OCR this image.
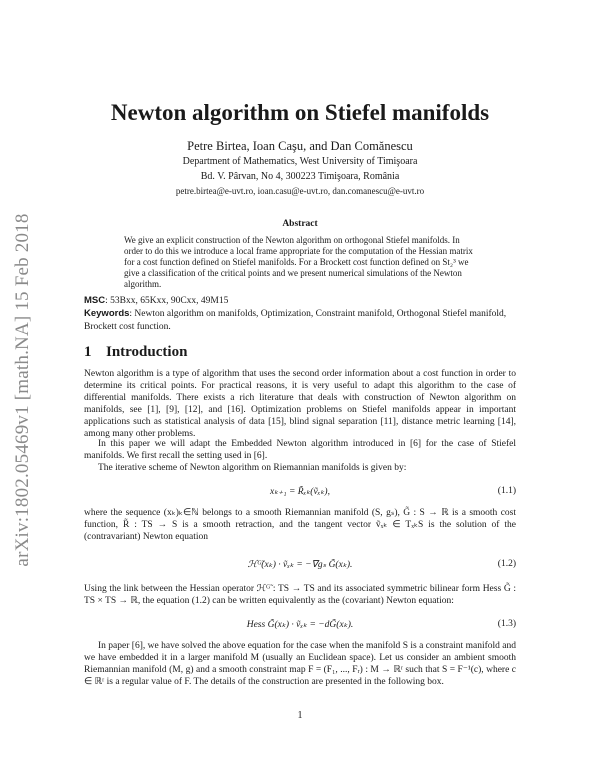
arXiv:1802.05469v1 [math.NA] 15 Feb 2018
Newton algorithm on Stiefel manifolds
Petre Birtea, Ioan Caşu, and Dan Comănescu
Department of Mathematics, West University of Timişoara
Bd. V. Pârvan, No 4, 300223 Timişoara, România
petre.birtea@e-uvt.ro, ioan.casu@e-uvt.ro, dan.comanescu@e-uvt.ro
Abstract
We give an explicit construction of the Newton algorithm on orthogonal Stiefel manifolds. In
order to do this we introduce a local frame appropriate for the computation of the Hessian matrix
for a cost function defined on Stiefel manifolds. For a Brockett cost function defined on St₂³ we
give a classification of the critical points and we present numerical simulations of the Newton
algorithm.
MSC: 53Bxx, 65Kxx, 90Cxx, 49M15
Keywords: Newton algorithm on manifolds, Optimization, Constraint manifold, Orthogonal Stiefel manifold, Brockett cost function.
1 Introduction

Newton algorithm is a type of algorithm that uses the second order information about a cost function in order to determine its critical points. For practical reasons, it is very useful to adapt this algorithm to the case of differential manifolds. There exists a rich literature that deals with construction of Newton algorithm on manifolds, see [1], [9], [12], and [16]. Optimization problems on Stiefel manifolds appear in important applications such as statistical analysis of data [15], blind signal separation [11], distance metric learning [14], among many other problems.

In this paper we will adapt the Embedded Newton algorithm introduced in [6] for the case of Stiefel manifolds. We first recall the setting used in [6].

The iterative scheme of Newton algorithm on Riemannian manifolds is given by:

xₖ₊₁ = R̃ₓₖ(ṽₓₖ),	(1.1)

where the sequence (xₖ)ₖ∈ℕ belongs to a smooth Riemannian manifold (S, gₛ), G̃ : S → ℝ is a smooth cost function, R̃ : TS → S is a smooth retraction, and the tangent vector ṽₓₖ ∈ TₓₖS is the solution of the (contravariant) Newton equation

ℋᴳ̃(xₖ) · ṽₓₖ = −∇gₛ G̃(xₖ).	(1.2)

Using the link between the Hessian operator ℋᴳ̃ : TS → TS and its associated symmetric bilinear form Hess G̃ : TS × TS → ℝ, the equation (1.2) can be written equivalently as the (covariant) Newton equation:

Hess G̃(xₖ) · ṽₓₖ = −dG̃(xₖ).	(1.3)

In paper [6], we have solved the above equation for the case when the manifold S is a constraint manifold and we have embedded it in a larger manifold M (usually an Euclidean space). Let us consider an ambient smooth Riemannian manifold (M, g) and a smooth constraint map F = (F₁, ..., Fᵣ) : M → ℝʳ such that S = F⁻¹(c), where c ∈ ℝʳ is a regular value of F. The details of the construction are presented in the following box.

1
